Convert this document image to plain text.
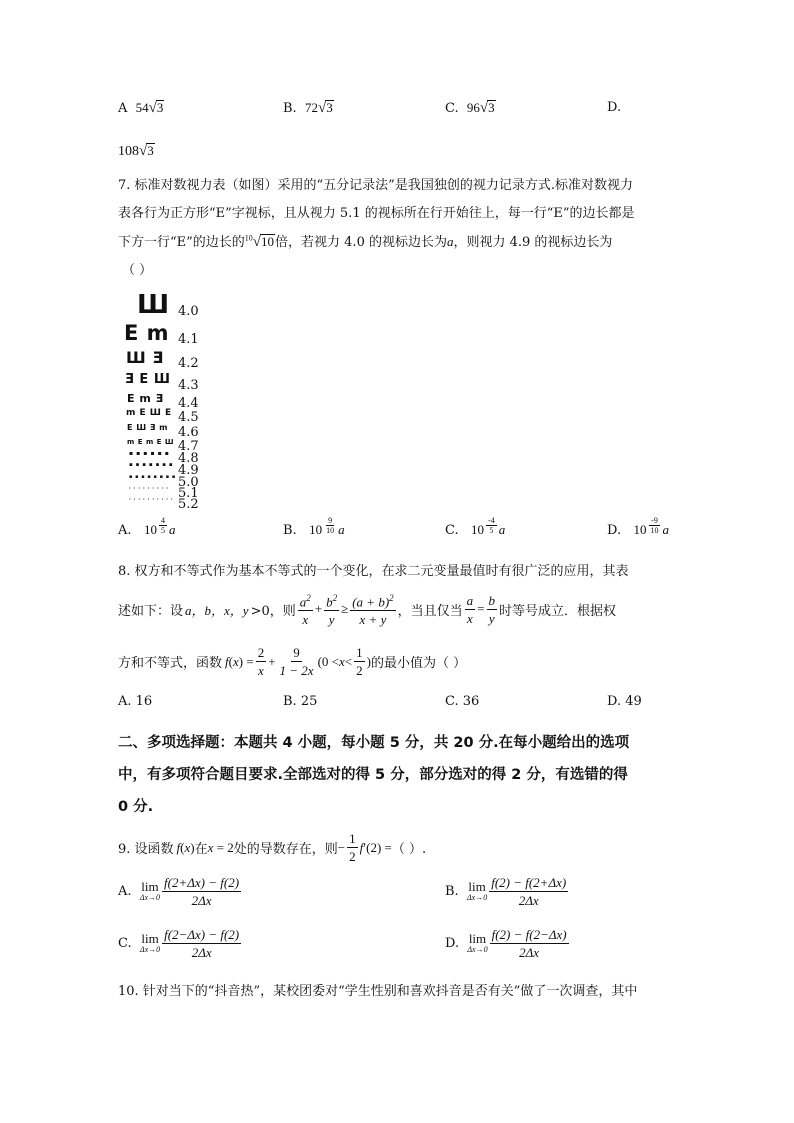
A 54√3	B. 72√3	C. 96√3	D.
108√3
7. 标准对数视力表（如图）采用的“五分记录法”是我国独创的视力记录方式.标准对数视力
表各行为正方形“E”字视标，且从视力 5.1 的视标所在行开始往上，每一行“E”的边长都是
下方一行“E”的边长的$^{10}$√10倍，若视力 4.0 的视标边长为a，则视力 4.9 的视标边长为
（ ）
Ш 4.0
E m 4.1
Ш Ǝ 4.2
Ǝ E Ш 4.3
E m Ǝ 4.4
m E Ш E 4.5
E Ш Ǝ m 4.6
m E m E Ш 4.7
▪ ▪ ▪ ▪ ▪ ▪ 4.8
▪ ▪ ▪ ▪ ▪ ▪ ▪ 4.9
▪ ▪ ▪ ▪ ▪ ▪ ▪ ▪ 5.0
· · · · · · · · · 5.1
· · · · · · · · · · 5.2
A. $10 \frac{4}{5}$ a	B. $10 \frac{9}{10}$ a	C. $10 \frac{-4}{5}$ a	D. $10 \frac{-9}{10}$ a
8. 权方和不等式作为基本不等式的一个变化，在求二元变量最值时有很广泛的应用，其表
述如下：设 a，b，x，y >0，则 $\frac{a^2}{x} + \frac{b^2}{y} \ge \frac{(a + b)^2}{x + y}$ ，当且仅当 $\frac{a}{x} = \frac{b}{y}$ 时等号成立．根据权
方和不等式，函数 f ( x ) = $\frac{2}{x} + \frac{9}{1 - 2x} (0 < x < \frac{1}{2}$ ) 的最小值为（ ）
A. 16	B. 25	C. 36	D. 49
二、多项选择题：本题共 4 小题，每小题 5 分，共 20 分.在每小题给出的选项
中，有多项符合题目要求.全部选对的得 5 分，部分选对的得 2 分，有选错的得
0 分.
9. 设函数 f ( x ) 在 x = 2 处的导数存在，则 − $\frac{1}{2}$ f ′(2) = （ ）.
A.
lim
$\Delta x\to 0 \frac{f(2+\Delta x) - f(2)}{2\Delta x}$	B.
lim
$\Delta x\to 0 \frac{f(2) - f(2+\Delta x)}{2\Delta x}$
C.
lim
$\Delta x\to 0 \frac{f(2-\Delta x) - f(2)}{2\Delta x}$	D.
lim
$\Delta x\to 0 \frac{f(2) - f(2-\Delta x)}{2\Delta x}$
10. 针对当下的“抖音热”，某校团委对“学生性别和喜欢抖音是否有关”做了一次调查，其中
